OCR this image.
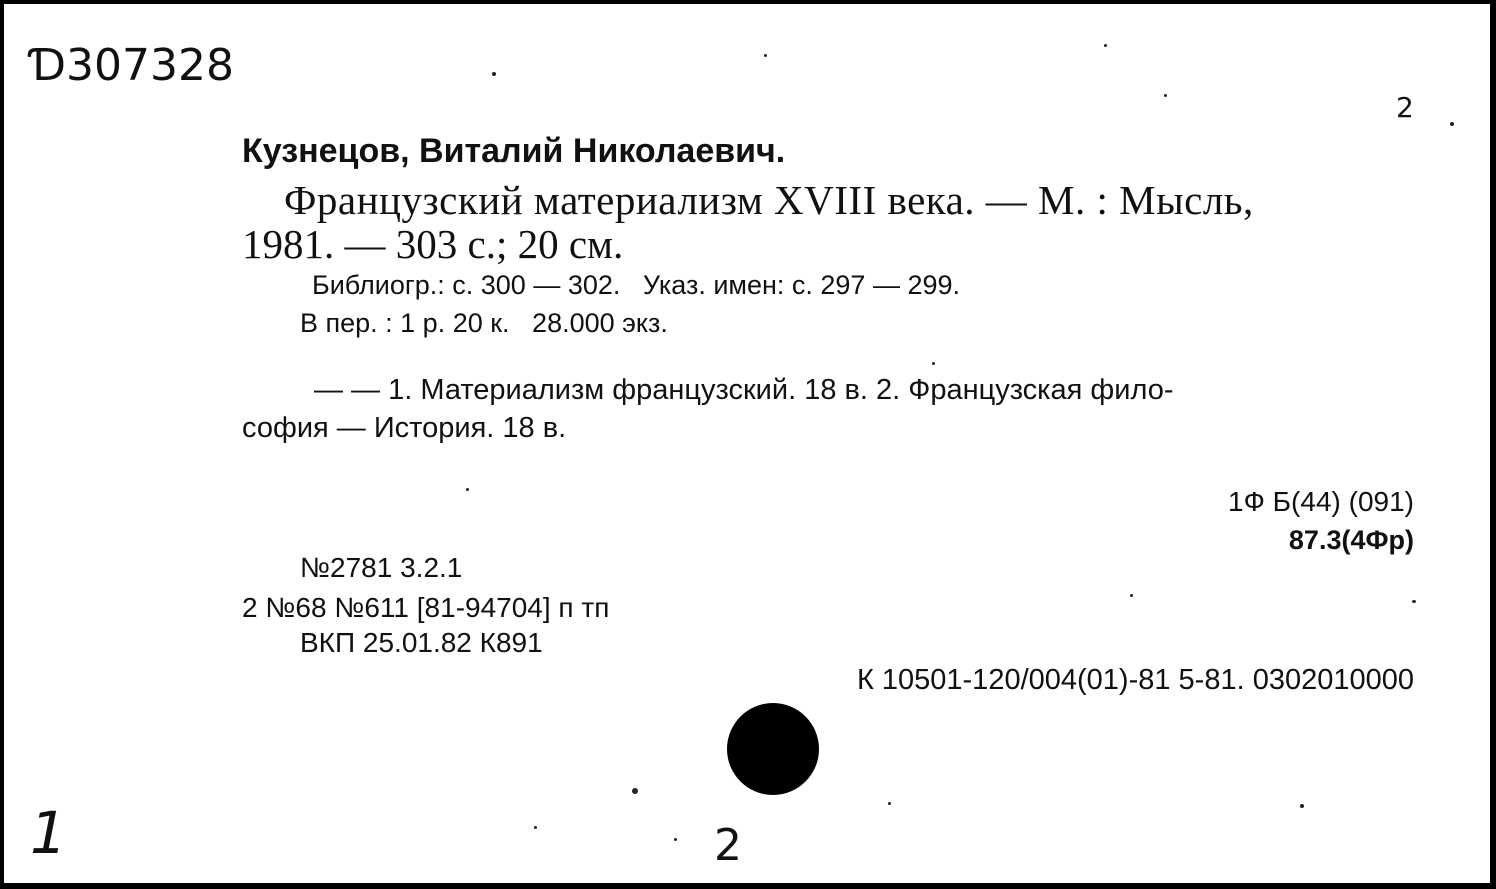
Ɗ307328
2
Кузнецов, Виталий Николаевич.
Французский материализм XVIII века. — М. : Мысль,
1981. — 303 с.; 20 см.
Библиогр.: с. 300 — 302.   Указ. имен: с. 297 — 299.
В пер. : 1 р. 20 к.   28.000 экз.
— — 1. Материализм французский. 18 в. 2. Французская фило-
софия — История. 18 в.
1Ф Б(44) (091)
87.3(4Фр)
№2781 3.2.1
2 №68 №611 [81-94704] п тп
ВКП 25.01.82 К891
К 10501-120/004(01)-81 5-81. 0302010000
1	2
